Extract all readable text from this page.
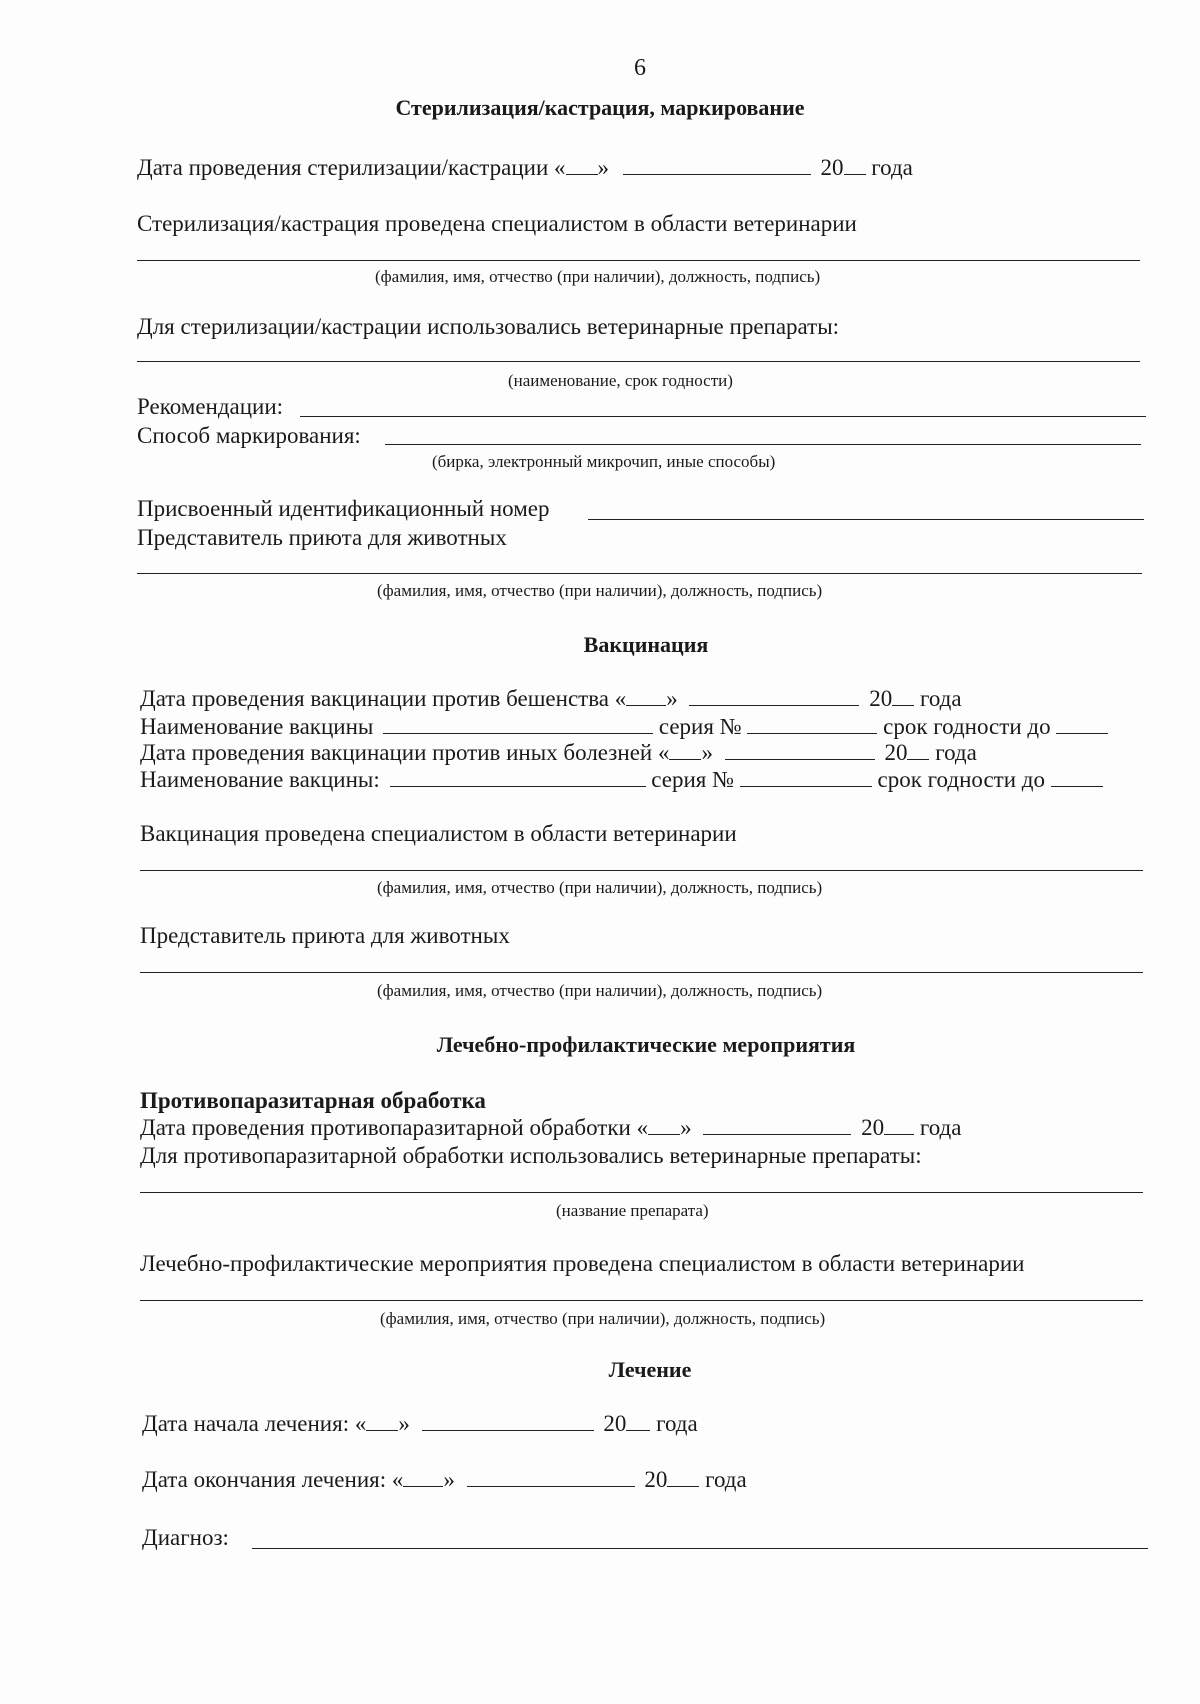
6
Стерилизация/кастрация, маркирование
Дата проведения стерилизации/кастрации « »	20 года
Стерилизация/кастрация проведена специалистом в области ветеринарии
(фамилия, имя, отчество (при наличии), должность, подпись)
Для стерилизации/кастрации использовались ветеринарные препараты:
(наименование, срок годности)
Рекомендации:
Способ маркирования:
(бирка, электронный микрочип, иные способы)
Присвоенный идентификационный номер
Представитель приюта для животных
(фамилия, имя, отчество (при наличии), должность, подпись)
Вакцинация
Дата проведения вакцинации против бешенства « »	20 года
Наименование вакцины	серия №	срок годности до
Дата проведения вакцинации против иных болезней « »	20 года
Наименование вакцины:	серия №	срок годности до
Вакцинация проведена специалистом в области ветеринарии
(фамилия, имя, отчество (при наличии), должность, подпись)
Представитель приюта для животных
(фамилия, имя, отчество (при наличии), должность, подпись)
Лечебно-профилактические мероприятия
Противопаразитарная обработка
Дата проведения противопаразитарной обработки « »	20 года
Для противопаразитарной обработки использовались ветеринарные препараты:
(название препарата)
Лечебно-профилактические мероприятия проведена специалистом в области ветеринарии
(фамилия, имя, отчество (при наличии), должность, подпись)
Лечение
Дата начала лечения: « »	20 года
Дата окончания лечения: « »	20 года
Диагноз:
